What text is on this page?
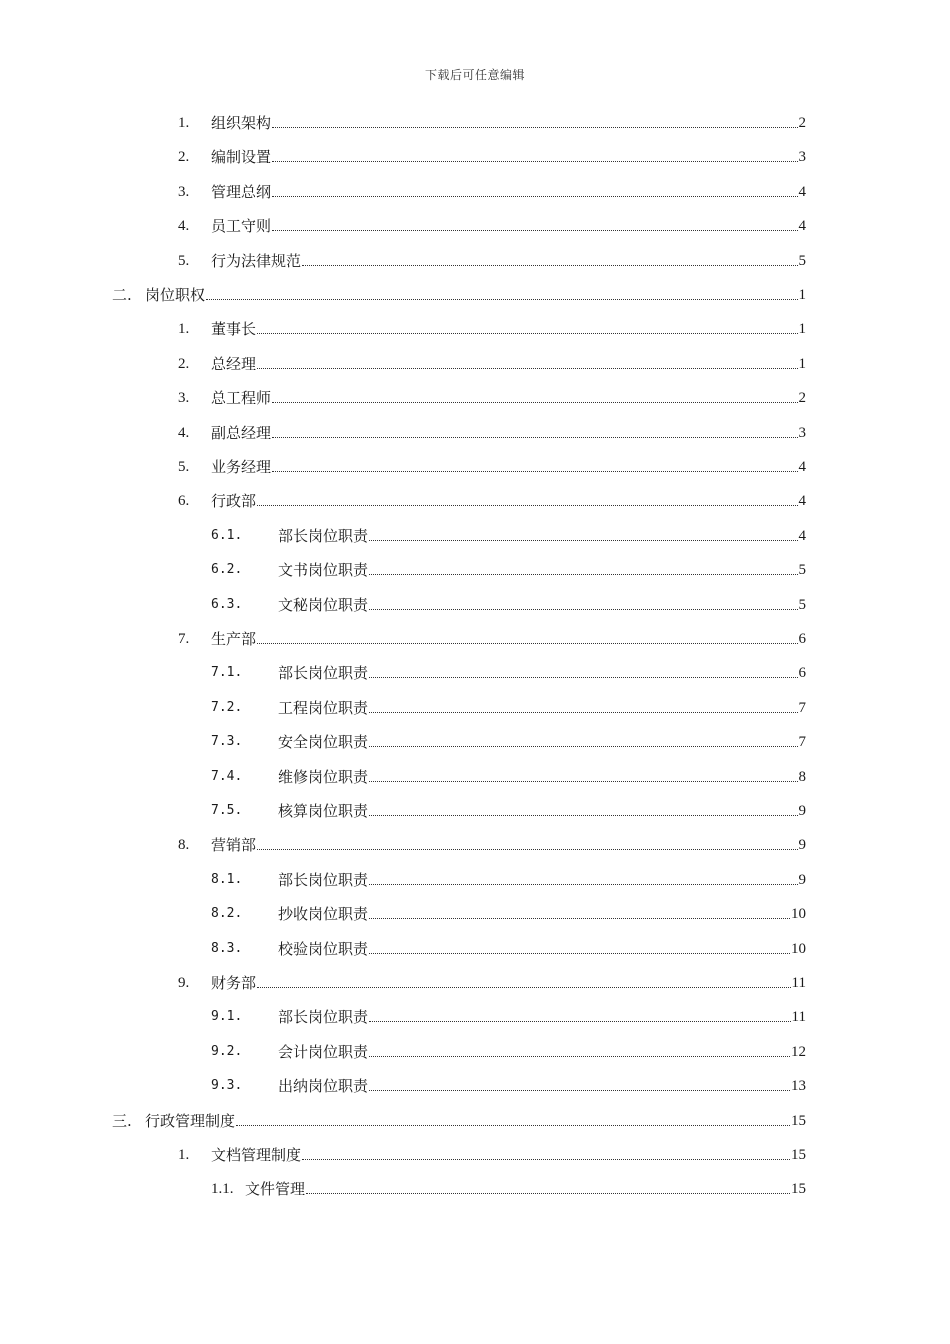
下载后可任意编辑
1.	组织架构	2
2.	编制设置	3
3.	管理总纲	4
4.	员工守则	4
5.	行为法律规范	5
二. 岗位职权	1
1.	董事长	1
2.	总经理	1
3.	总工程师	2
4.	副总经理	3
5.	业务经理	4
6.	行政部	4
6.1.	部长岗位职责	4
6.2.	文书岗位职责	5
6.3.	文秘岗位职责	5
7.	生产部	6
7.1.	部长岗位职责	6
7.2.	工程岗位职责	7
7.3.	安全岗位职责	7
7.4.	维修岗位职责	8
7.5.	核算岗位职责	9
8.	营销部	9
8.1.	部长岗位职责	9
8.2.	抄收岗位职责	10
8.3.	校验岗位职责	10
9.	财务部	11
9.1.	部长岗位职责	11
9.2.	会计岗位职责	12
9.3.	出纳岗位职责	13
三. 行政管理制度	15
1.	文档管理制度	15
1.1. 文件管理	15
